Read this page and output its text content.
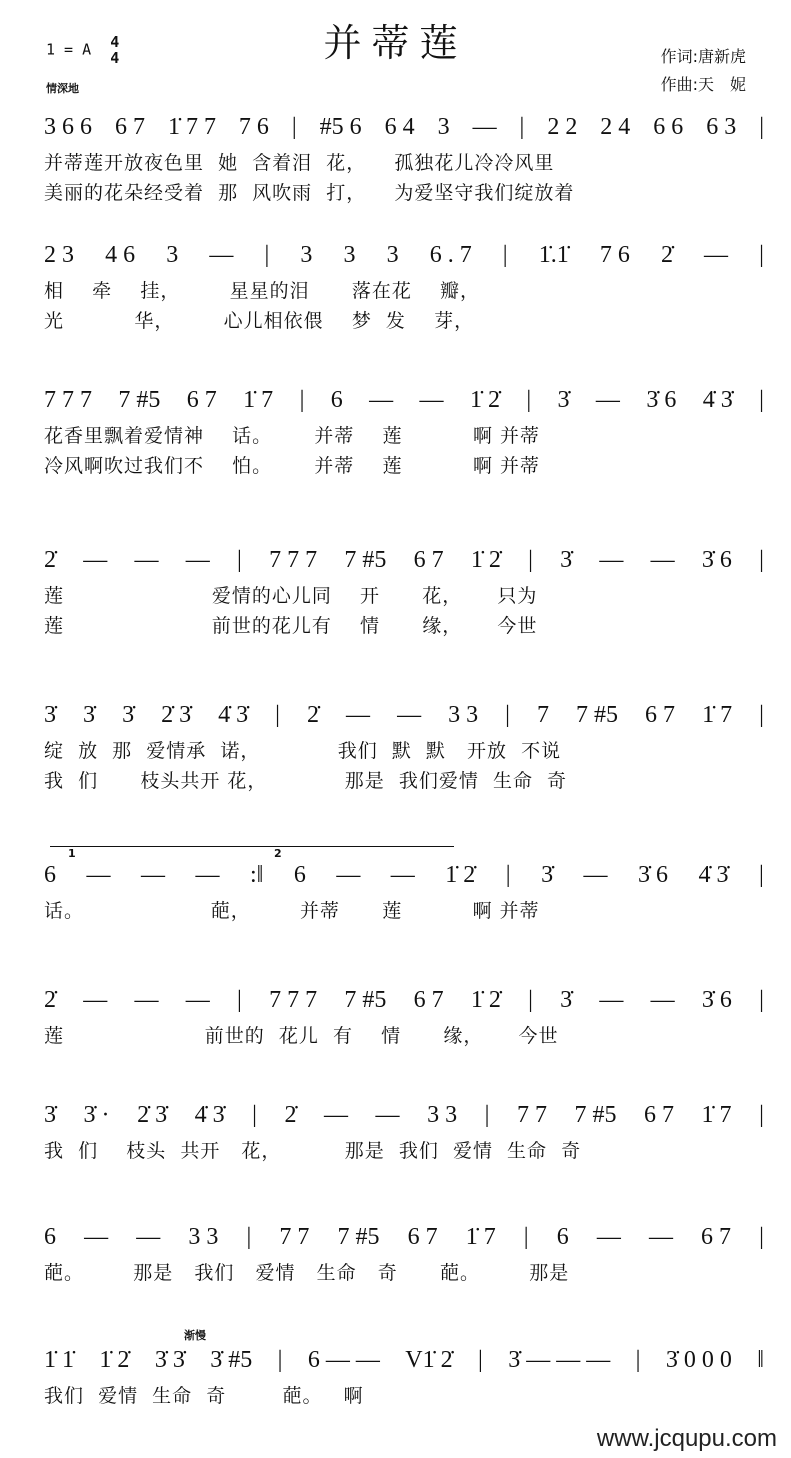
并蒂莲
1 = A 4
4
情深地
作词:唐新虎
作曲:天　妮
3 6 6 6 7 1̇ 7 7 7 6 | #5 6 6 4 3 — | 2 2 2 4 6 6 6 3 |
并蒂莲开放夜色里  她  含着泪  花，    孤独花儿冷冷风里
美丽的花朵经受着  那  风吹雨  打，    为爱坚守我们绽放着
2 3 4 6 3 — | 3 3 3 6 . 7 | 1̇.1̇ 7 6 2̇ — |
相    牵    挂，       星星的泪      落在花    瓣，
光          华，       心儿相依偎    梦  发    芽，
7 7 7 7 #5 6 7 1̇ 7 | 6 — — 1̇ 2̇ | 3̇ — 3̇ 6 4̇ 3̇ |
花香里飘着爱情神    话。      并蒂    莲          啊 并蒂
冷风啊吹过我们不    怕。      并蒂    莲          啊 并蒂
2̇ — — — | 7 7 7 7 #5 6 7 1̇ 2̇ | 3̇ — — 3̇ 6 |
莲                     爱情的心儿同    开      花，     只为
莲                     前世的花儿有    情      缘，     今世
3̇ 3̇ 3̇ 2̇ 3̇ 4̇ 3̇ | 2̇ — — 3 3 | 7 7 #5 6 7 1̇ 7 |
绽  放  那  爱情承  诺，           我们  默  默   开放  不说
我  们      枝头共开 花，           那是  我们爱情  生命  奇
1	2
6 — — — :‖ 6 — — 1̇ 2̇ | 3̇ — 3̇ 6 4̇ 3̇ |
话。                  葩，       并蒂      莲          啊 并蒂
2̇ — — — | 7 7 7 7 #5 6 7 1̇ 2̇ | 3̇ — — 3̇ 6 |
莲                    前世的  花儿  有    情      缘，     今世
3̇ 3̇ · 2̇ 3̇ 4̇ 3̇ | 2̇ — — 3 3 | 7 7 7 #5 6 7 1̇ 7 |
我  们    枝头  共开   花，         那是  我们  爱情  生命  奇
6 — — 3 3 | 7 7 7 #5 6 7 1̇ 7 | 6 — — 6 7 |
葩。       那是   我们   爱情   生命   奇      葩。       那是
渐慢
1̇ 1̇ 1̇ 2̇ 3̇ 3̇ 3̇ #5 | 6 — — V1̇ 2̇ | 3̇ — — — | 3̇ 0 0 0 ‖
我们  爱情  生命  奇        葩。   啊
www.jcqupu.com
